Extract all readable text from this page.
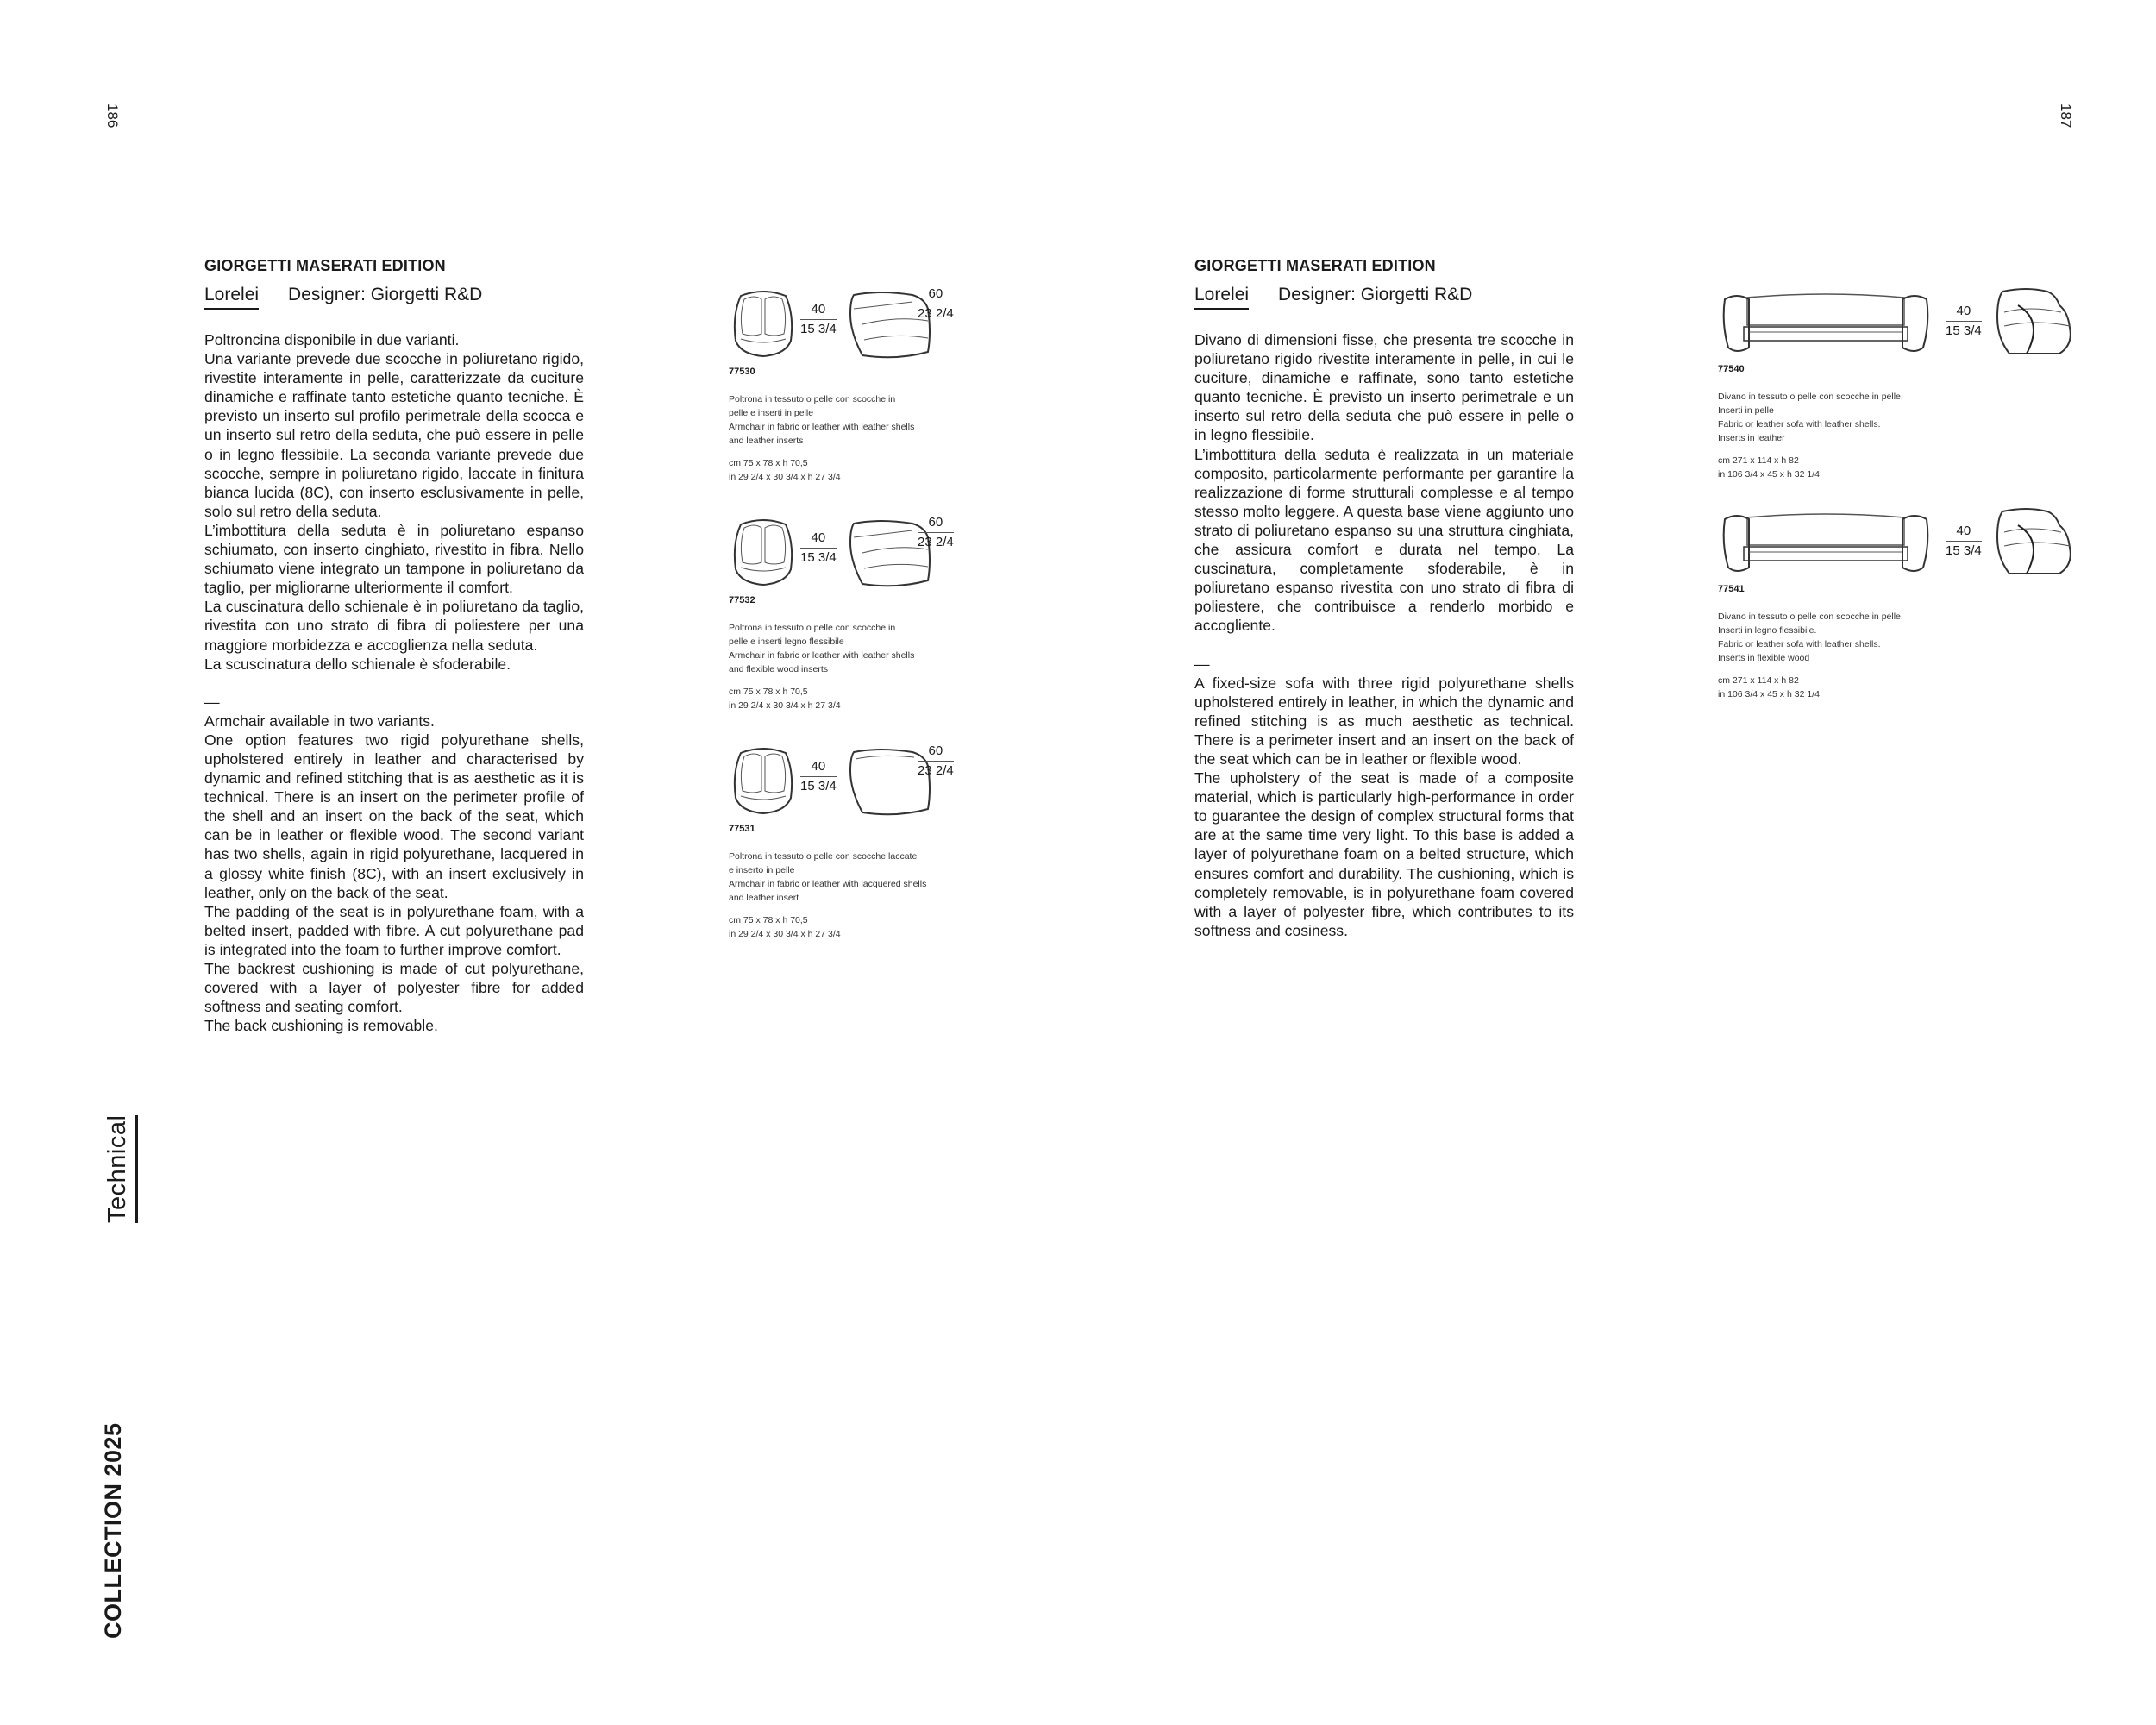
186
Technical
COLLECTION 2025
GIORGETTI MASERATI EDITION
Lorelei Designer: Giorgetti R&D

Poltroncina disponibile in due varianti.

Una variante prevede due scocche in poliuretano rigido, rivestite interamente in pelle, caratterizzate da cuciture dinamiche e raffinate tanto estetiche quanto tecniche. È previsto un inserto sul profilo perimetrale della scocca e un inserto sul retro della seduta, che può essere in pelle o in legno flessibile. La seconda variante prevede due scocche, sempre in poliuretano rigido, laccate in finitura bianca lucida (8C), con inserto esclusivamente in pelle, solo sul retro della seduta.

L’imbottitura della seduta è in poliuretano espanso schiumato, con inserto cinghiato, rivestito in fibra. Nello schiumato viene integrato un tampone in poliuretano da taglio, per migliorarne ulteriormente il comfort.

La cuscinatura dello schienale è in poliuretano da taglio, rivestita con uno strato di fibra di poliestere per una maggiore morbidezza e accoglienza nella seduta.

La scuscinatura dello schienale è sfoderabile.

—

Armchair available in two variants.

One option features two rigid polyurethane shells, upholstered entirely in leather and characterised by dynamic and refined stitching that is as aesthetic as it is technical. There is an insert on the perimeter profile of the shell and an insert on the back of the seat, which can be in leather or flexible wood. The second variant has two shells, again in rigid polyurethane, lacquered in a glossy white finish (8C), with an insert exclusively in leather, only on the back of the seat.

The padding of the seat is in polyurethane foam, with a belted insert, padded with fibre. A cut polyurethane pad is integrated into the foam to further improve comfort.

The backrest cushioning is made of cut polyurethane, covered with a layer of polyester fibre for added softness and seating comfort.

The back cushioning is removable.

40
15 3/4
60
23 2/4
77530

Poltrona in tessuto o pelle con scocche in

pelle e inserti in pelle

Armchair in fabric or leather with leather shells

and leather inserts

cm 75 x 78 x h 70,5
in 29 2/4 x 30 3/4 x h 27 3/4
40
15 3/4
60
23 2/4
77532

Poltrona in tessuto o pelle con scocche in

pelle e inserti legno flessibile

Armchair in fabric or leather with leather shells

and flexible wood inserts

cm 75 x 78 x h 70,5
in 29 2/4 x 30 3/4 x h 27 3/4
40
15 3/4
60
23 2/4
77531

Poltrona in tessuto o pelle con scocche laccate

e inserto in pelle

Armchair in fabric or leather with lacquered shells

and leather insert

cm 75 x 78 x h 70,5
in 29 2/4 x 30 3/4 x h 27 3/4
187
GIORGETTI MASERATI EDITION
Lorelei Designer: Giorgetti R&D

Divano di dimensioni fisse, che presenta tre scocche in poliuretano rigido rivestite interamente in pelle, in cui le cuciture, dinamiche e raffinate, sono tanto estetiche quanto tecniche. È previsto un inserto perimetrale e un inserto sul retro della seduta che può essere in pelle o in legno flessibile.

L’imbottitura della seduta è realizzata in un materiale composito, particolarmente performante per garantire la realizzazione di forme strutturali complesse e al tempo stesso molto leggere. A questa base viene aggiunto uno strato di poliuretano espanso su una struttura cinghiata, che assicura comfort e durata nel tempo. La cuscinatura, completamente sfoderabile, è in poliuretano espanso rivestita con uno strato di fibra di poliestere, che contribuisce a renderlo morbido e accogliente.

—

A fixed-size sofa with three rigid polyurethane shells upholstered entirely in leather, in which the dynamic and refined stitching is as much aesthetic as technical. There is a perimeter insert and an insert on the back of the seat which can be in leather or flexible wood.

The upholstery of the seat is made of a composite material, which is particularly high-performance in order to guarantee the design of complex structural forms that are at the same time very light. To this base is added a layer of polyurethane foam on a belted structure, which ensures comfort and durability. The cushioning, which is completely removable, is in polyurethane foam covered with a layer of polyester fibre, which contributes to its softness and cosiness.

40
15 3/4
77540

Divano in tessuto o pelle con scocche in pelle.

Inserti in pelle

Fabric or leather sofa with leather shells.

Inserts in leather

cm 271 x 114 x h 82
in 106 3/4 x 45 x h 32 1/4
40
15 3/4
77541

Divano in tessuto o pelle con scocche in pelle.

Inserti in legno flessibile.

Fabric or leather sofa with leather shells.

Inserts in flexible wood

cm 271 x 114 x h 82
in 106 3/4 x 45 x h 32 1/4
